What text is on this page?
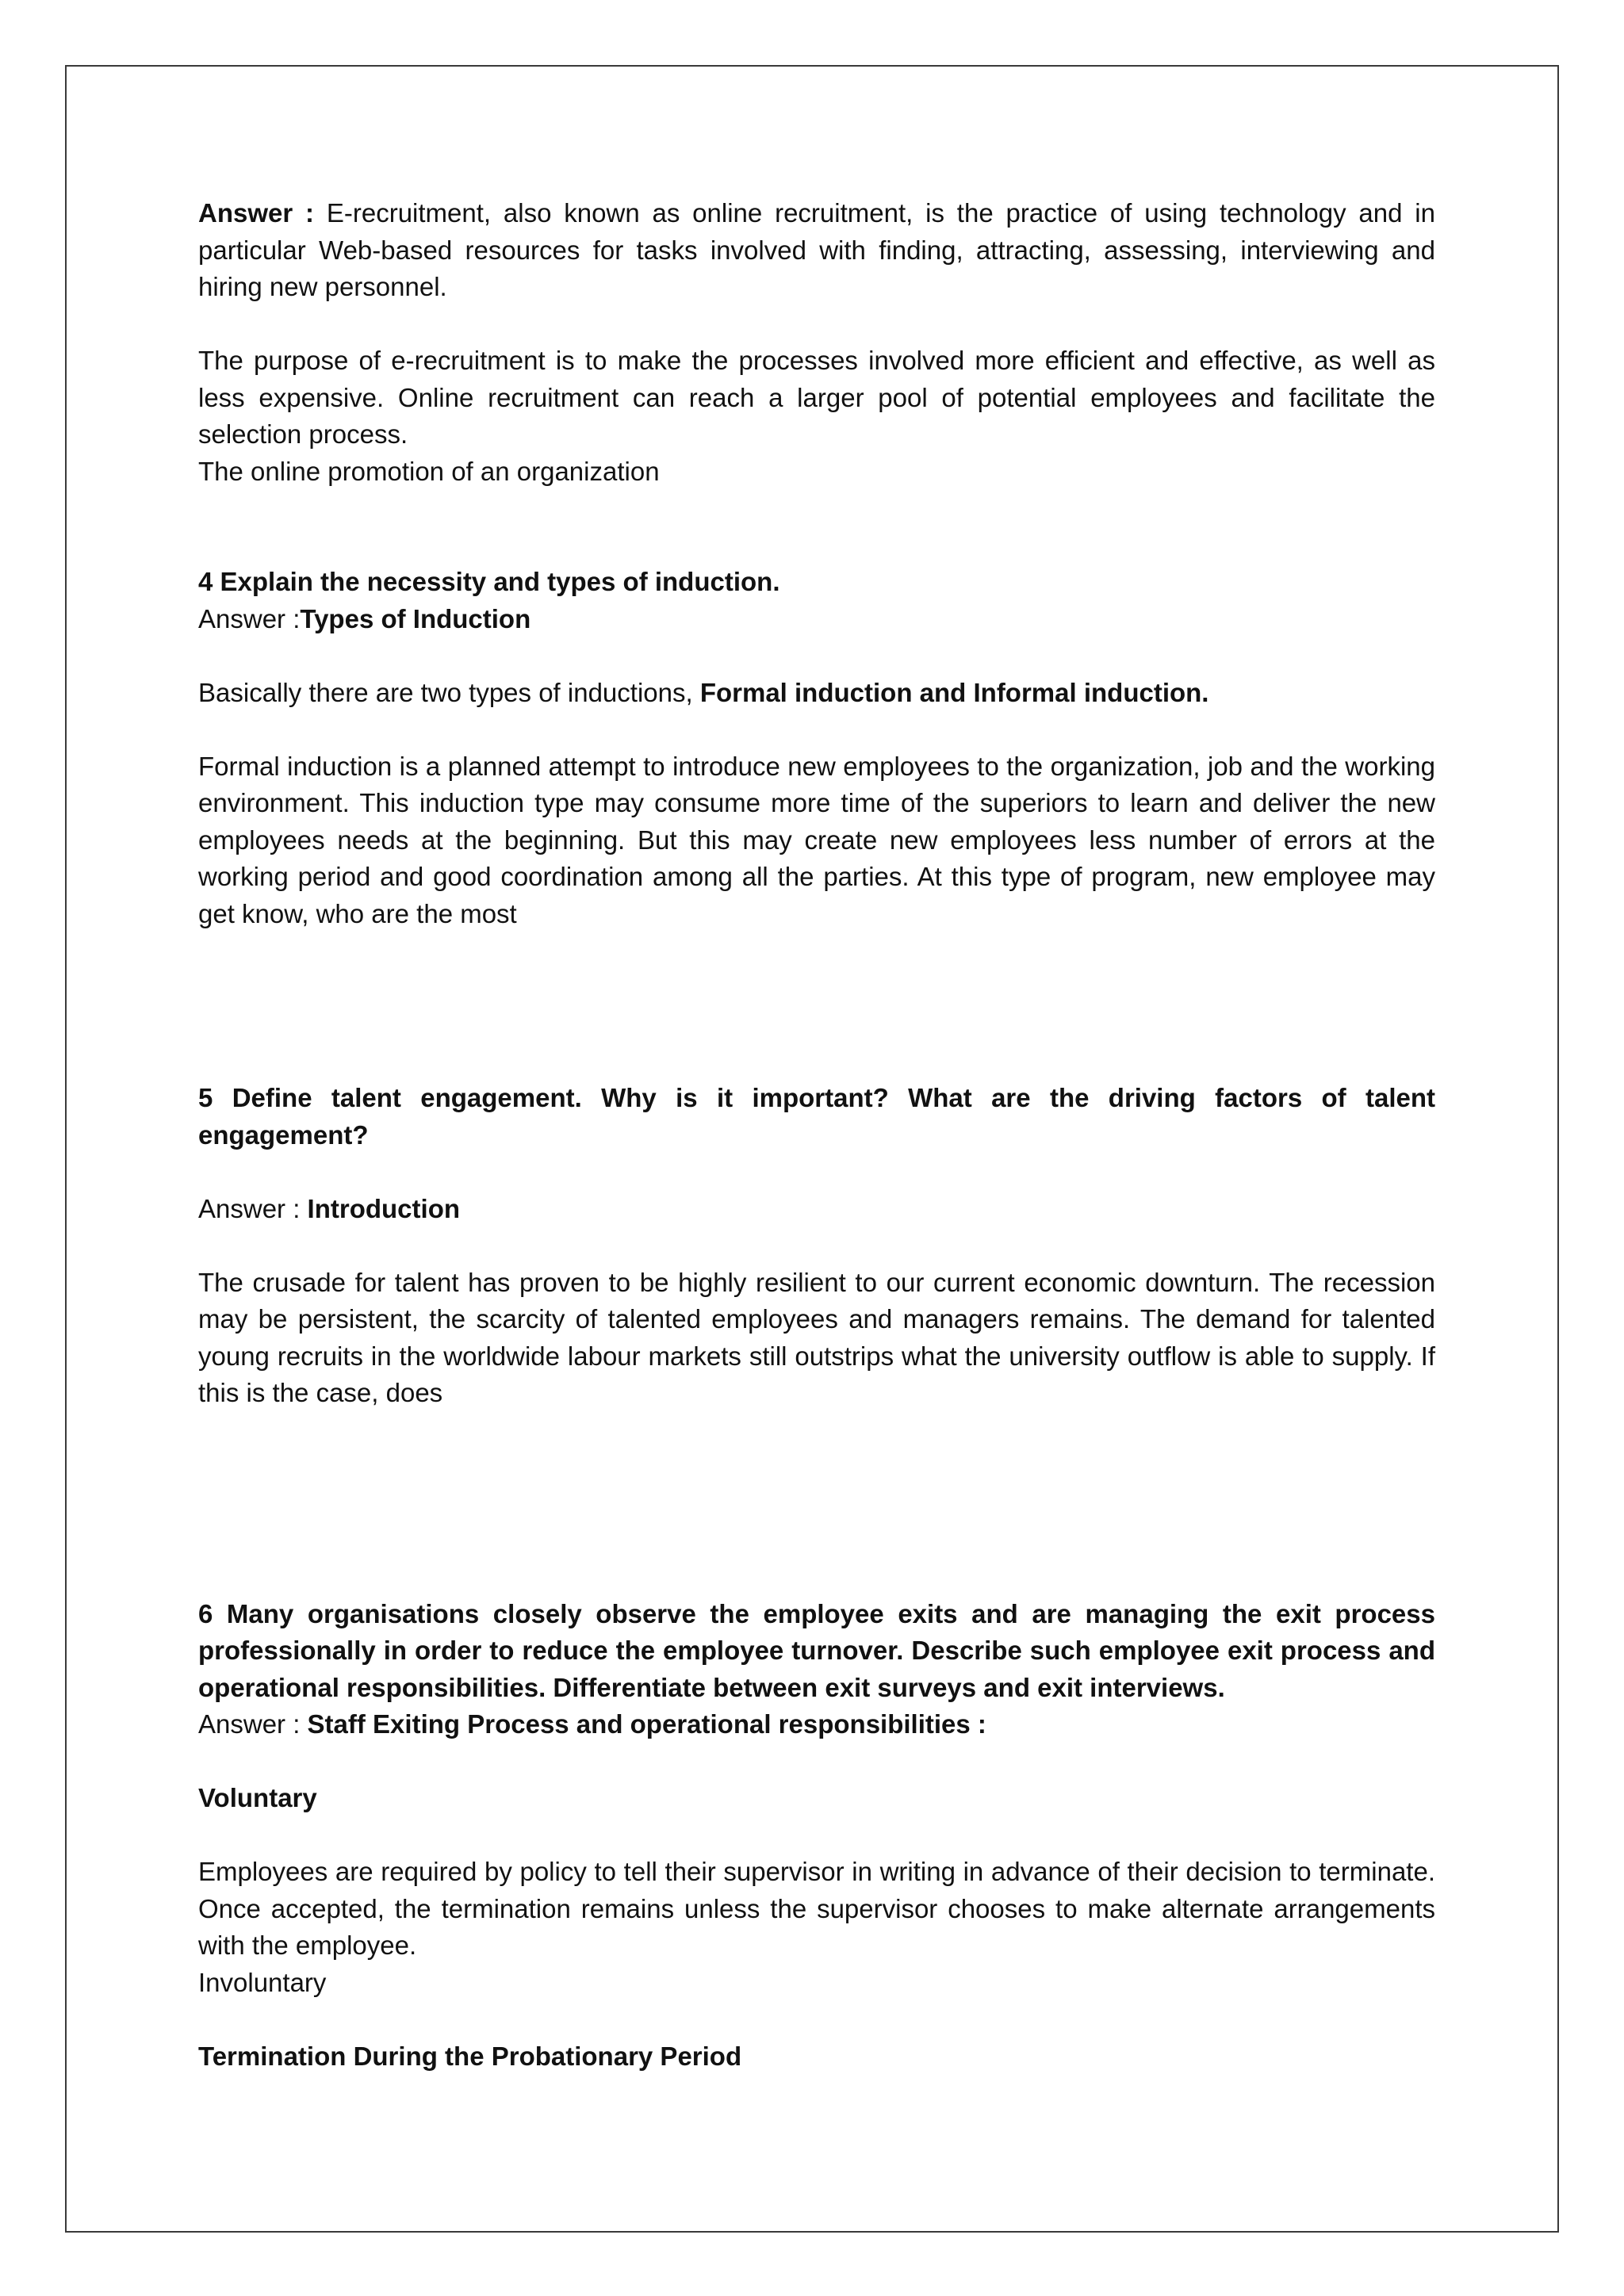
Answer : E-recruitment, also known as online recruitment, is the practice of using technology and in particular Web-based resources for tasks involved with finding, attracting, assessing, interviewing and hiring new personnel.

The purpose of e-recruitment is to make the processes involved more efficient and effective, as well as less expensive. Online recruitment can reach a larger pool of potential employees and facilitate the selection process.

The online promotion of an organization

4 Explain the necessity and types of induction.

Answer :Types of Induction

Basically there are two types of inductions, Formal induction and Informal induction.

Formal induction is a planned attempt to introduce new employees to the organization, job and the working environment. This induction type may consume more time of the superiors to learn and deliver the new employees needs at the beginning. But this may create new employees less number of errors at the working period and good coordination among all the parties. At this type of program, new employee may get know, who are the most

5 Define talent engagement. Why is it important? What are the driving factors of talent engagement?

Answer : Introduction

The crusade for talent has proven to be highly resilient to our current economic downturn. The recession may be persistent, the scarcity of talented employees and managers remains. The demand for talented young recruits in the worldwide labour markets still outstrips what the university outflow is able to supply. If this is the case, does

6 Many organisations closely observe the employee exits and are managing the exit process professionally in order to reduce the employee turnover. Describe such employee exit process and operational responsibilities. Differentiate between exit surveys and exit interviews.

Answer : Staff Exiting Process and operational responsibilities :

Voluntary

Employees are required by policy to tell their supervisor in writing in advance of their decision to terminate. Once accepted, the termination remains unless the supervisor chooses to make alternate arrangements with the employee.

Involuntary

Termination During the Probationary Period
